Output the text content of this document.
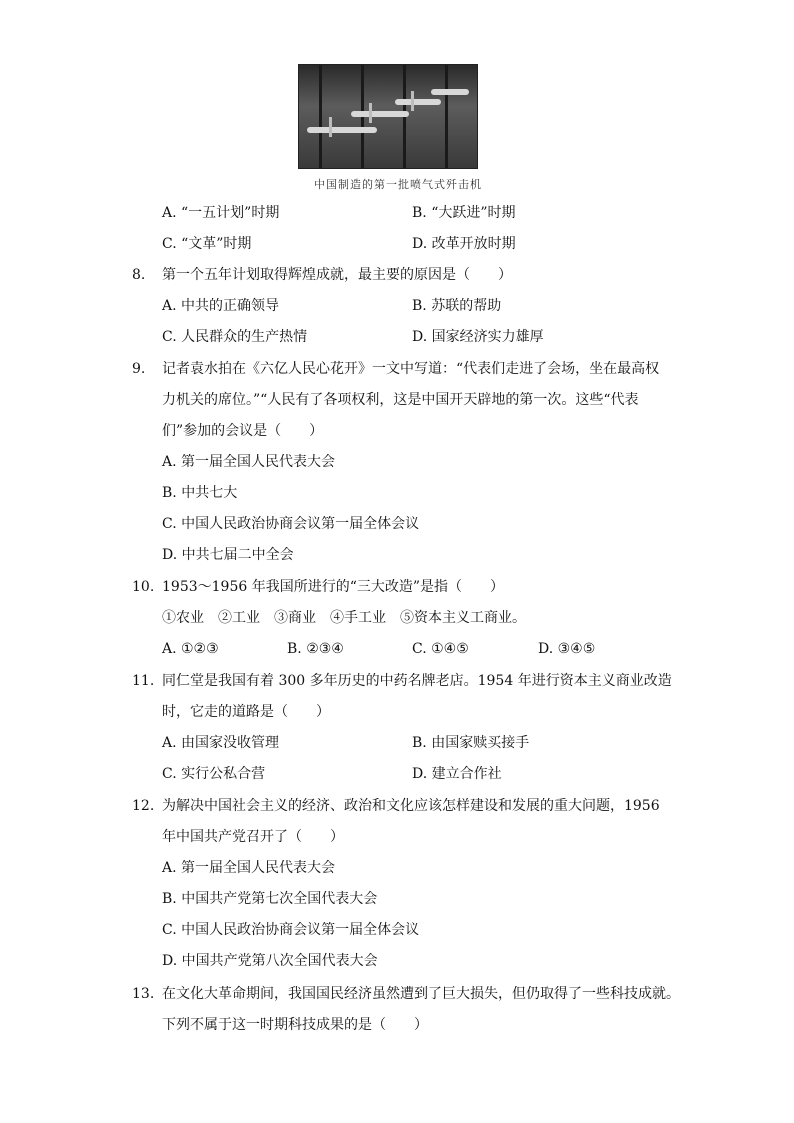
中国制造的第一批喷气式歼击机
A. “一五计划”时期	B. “大跃进”时期
C. “文革”时期	D. 改革开放时期
8. 第一个五年计划取得辉煌成就，最主要的原因是（　　）
A. 中共的正确领导	B. 苏联的帮助
C. 人民群众的生产热情	D. 国家经济实力雄厚
9. 记者袁水拍在《六亿人民心花开》一文中写道：“代表们走进了会场，坐在最高权
力机关的席位。”“人民有了各项权利，这是中国开天辟地的第一次。这些“代表
们”参加的会议是（　　）
A. 第一届全国人民代表大会
B. 中共七大
C. 中国人民政治协商会议第一届全体会议
D. 中共七届二中全会
10. 1953～1956 年我国所进行的“三大改造”是指（　　）
①农业　②工业　③商业　④手工业　⑤资本主义工商业。
A. ①②③	B. ②③④	C. ①④⑤	D. ③④⑤
11. 同仁堂是我国有着 300 多年历史的中药名牌老店。1954 年进行资本主义商业改造
时，它走的道路是（　　）
A. 由国家没收管理	B. 由国家赎买接手
C. 实行公私合营	D. 建立合作社
12. 为解决中国社会主义的经济、政治和文化应该怎样建设和发展的重大问题，1956
年中国共产党召开了（　　）
A. 第一届全国人民代表大会
B. 中国共产党第七次全国代表大会
C. 中国人民政治协商会议第一届全体会议
D. 中国共产党第八次全国代表大会
13. 在文化大革命期间，我国国民经济虽然遭到了巨大损失，但仍取得了一些科技成就。
下列不属于这一时期科技成果的是（　　）
